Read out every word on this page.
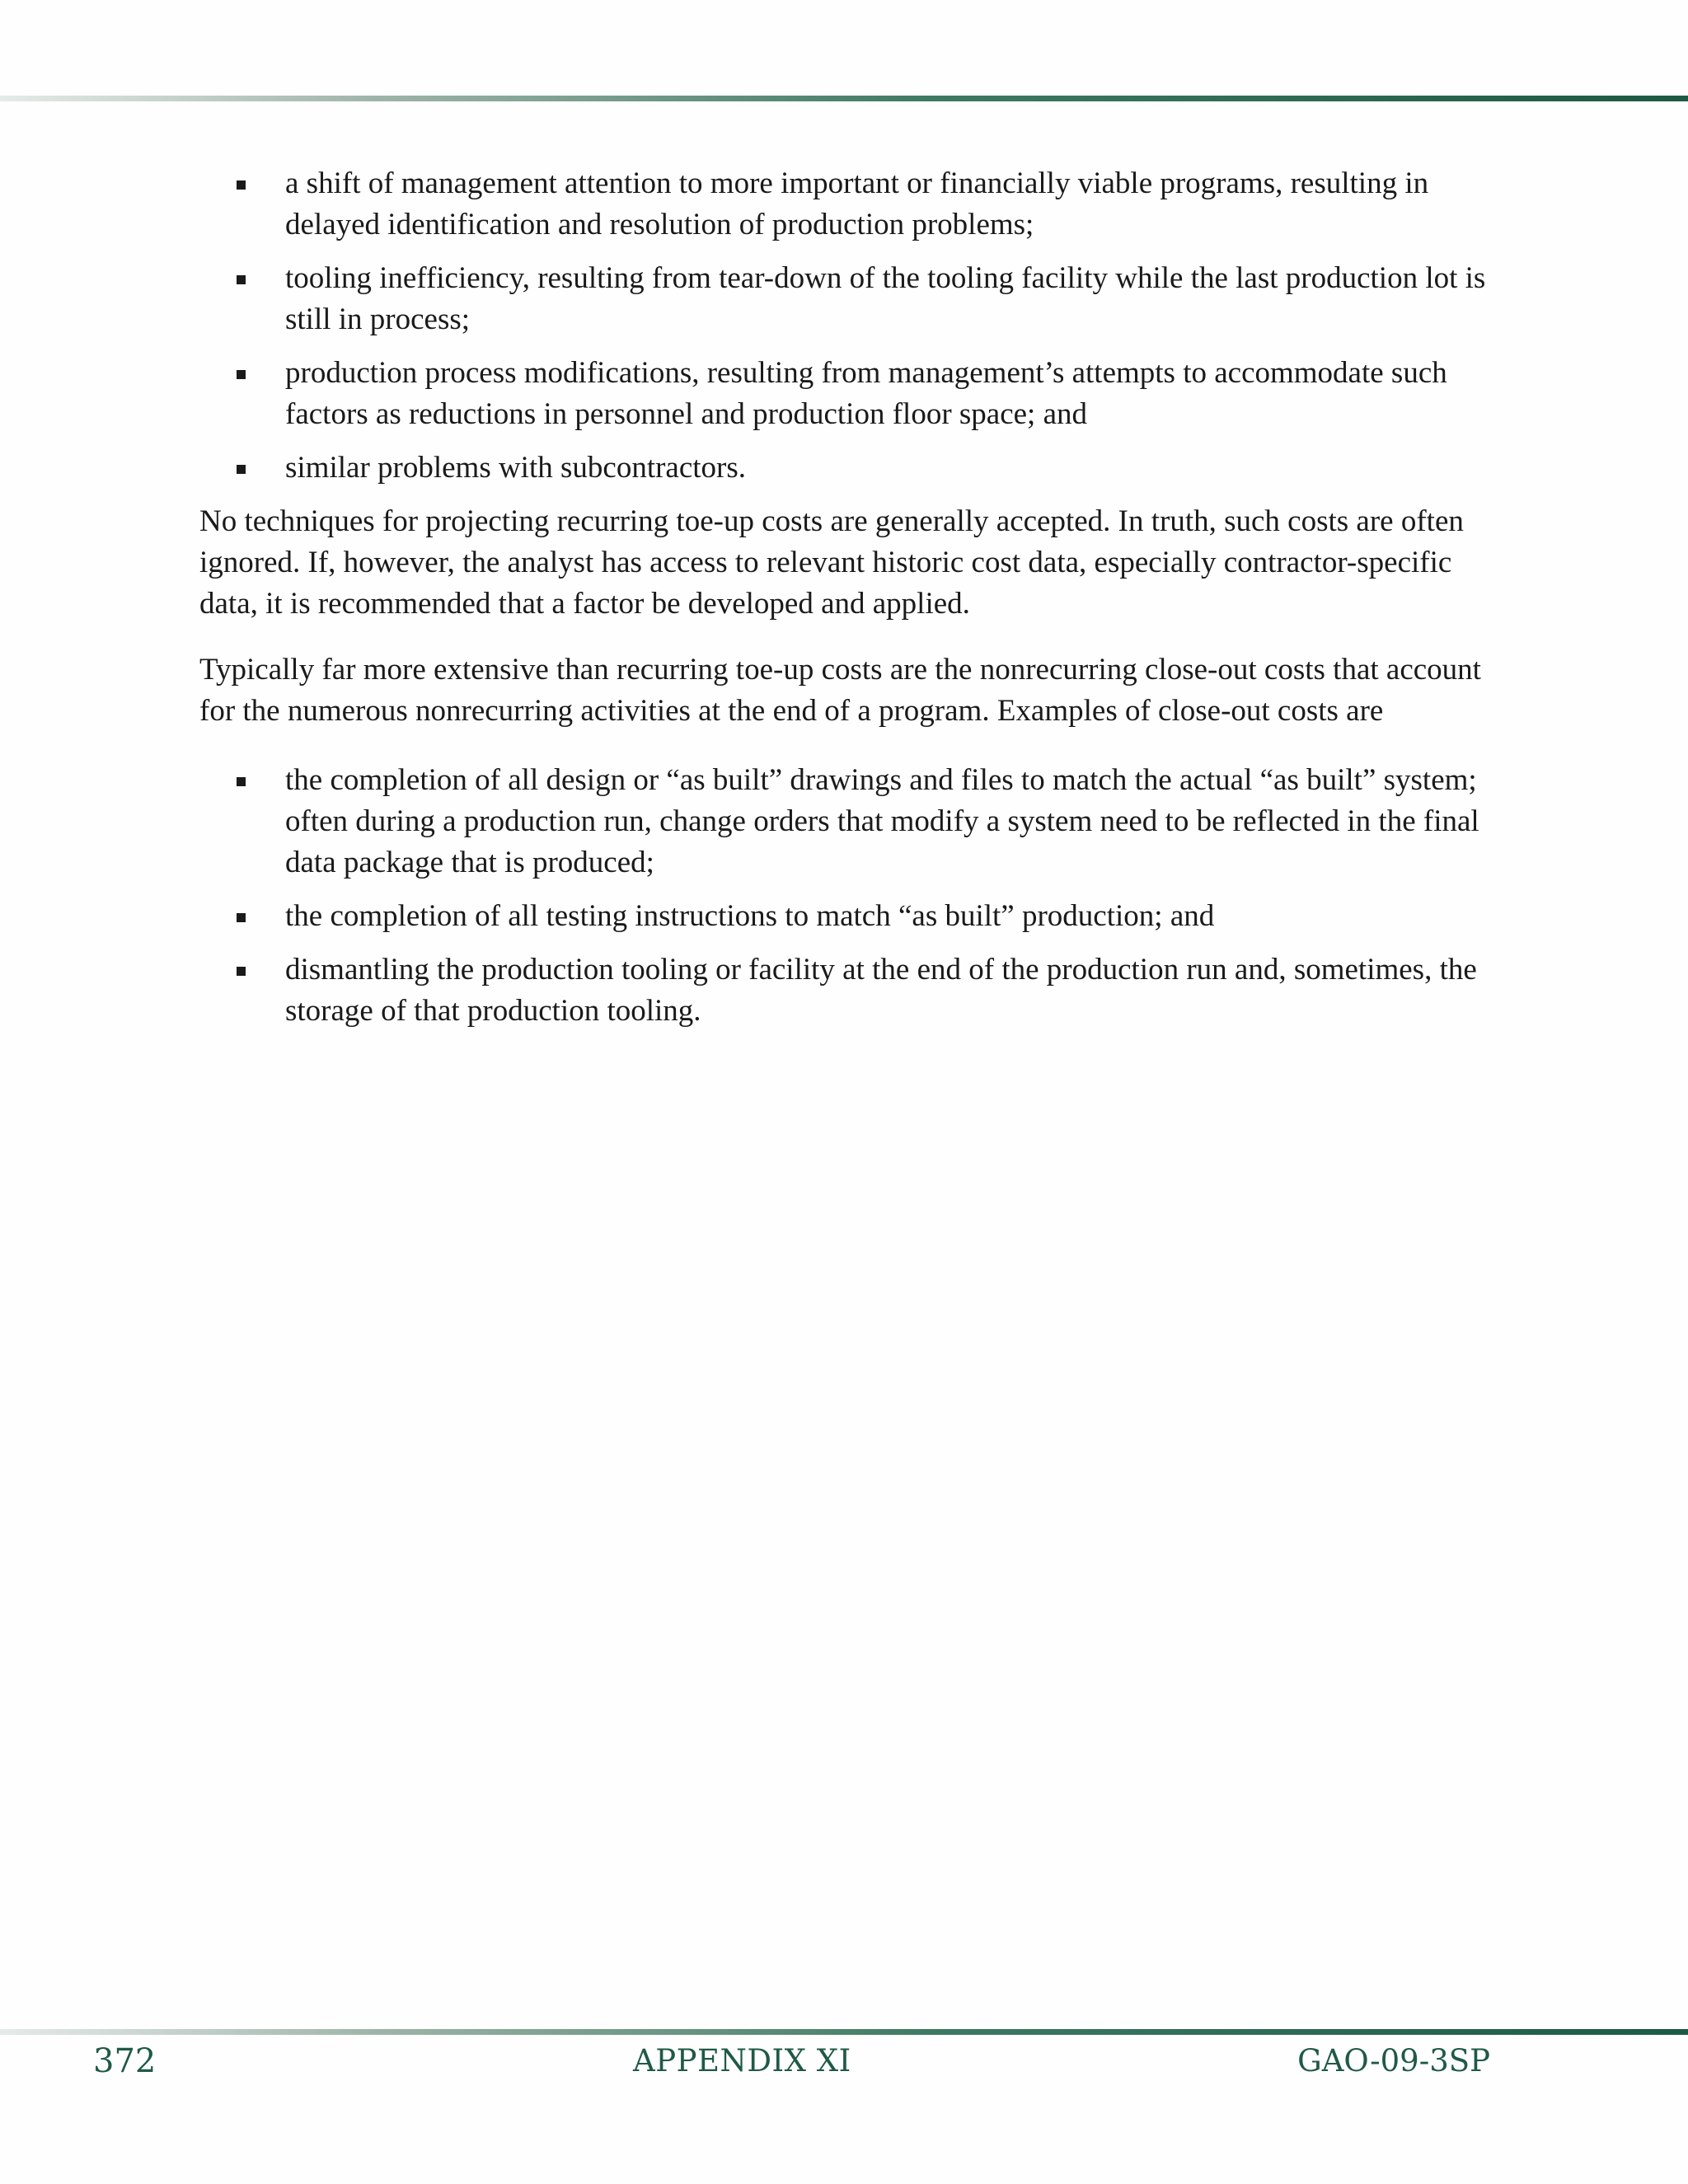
a shift of management attention to more important or financially viable programs, resulting in delayed identification and resolution of production problems;
tooling inefficiency, resulting from tear-down of the tooling facility while the last production lot is still in process;
production process modifications, resulting from management’s attempts to accommodate such factors as reductions in personnel and production floor space; and
similar problems with subcontractors.

No techniques for projecting recurring toe-up costs are generally accepted. In truth, such costs are often ignored. If, however, the analyst has access to relevant historic cost data, especially contractor-specific data, it is recommended that a factor be developed and applied.

Typically far more extensive than recurring toe-up costs are the nonrecurring close-out costs that account for the numerous nonrecurring activities at the end of a program. Examples of close-out costs are

the completion of all design or “as built” drawings and files to match the actual “as built” system; often during a production run, change orders that modify a system need to be reflected in the final data package that is produced;
the completion of all testing instructions to match “as built” production; and
dismantling the production tooling or facility at the end of the production run and, sometimes, the storage of that production tooling.
372	APPENDIX XI	GAO-09-3SP
